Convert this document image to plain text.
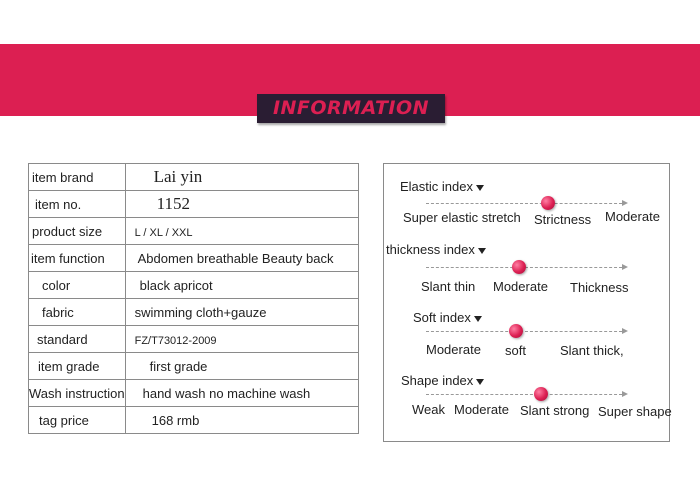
INFORMATION
item brand	Lai yin
item no.	1152
product size	L / XL / XXL
item function	Abdomen breathable Beauty back
color	black apricot
fabric	swimming cloth+gauze
standard	FZ/T73012-2009
item grade	first grade
Wash instruction	hand wash no machine wash
tag price	168 rmb
Elastic index
Super elastic stretch Strictness Moderate
thickness index
Slant thin Moderate Thickness
Soft index
Moderate soft	Slant thick,
Shape index
Weak Moderate Slant strong Super shape
